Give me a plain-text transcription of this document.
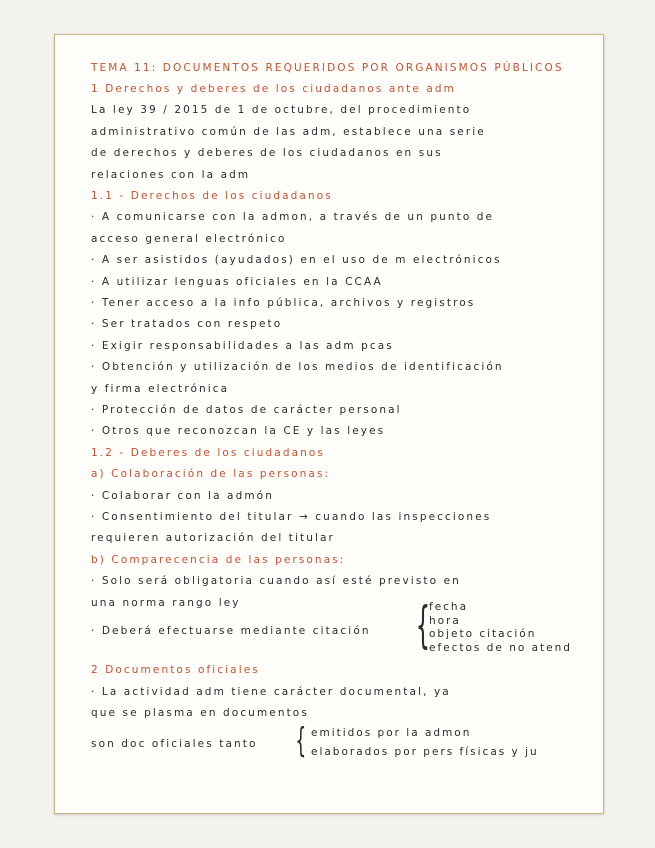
TEMA 11: DOCUMENTOS REQUERIDOS POR ORGANISMOS PÚBLICOS
1 Derechos y deberes de los ciudadanos ante adm
La ley 39 / 2015 de 1 de octubre, del procedimiento
administrativo común de las adm, establece una serie
de derechos y deberes de los ciudadanos en sus
relaciones con la adm
1.1 - Derechos de los ciudadanos
· A comunicarse con la admon, a través de un punto de
acceso general electrónico
· A ser asistidos (ayudados) en el uso de m electrónicos
· A utilizar lenguas oficiales en la CCAA
· Tener acceso a la info pública, archivos y registros
· Ser tratados con respeto
· Exigir responsabilidades a las adm pcas
· Obtención y utilización de los medios de identificación
y firma electrónica
· Protección de datos de carácter personal
· Otros que reconozcan la CE y las leyes
1.2 - Deberes de los ciudadanos
a) Colaboración de las personas:
· Colaborar con la admón
· Consentimiento del titular → cuando las inspecciones
requieren autorización del titular
b) Comparecencia de las personas:
· Solo será obligatoria cuando así esté previsto en
una norma rango ley
· Deberá efectuarse mediante citación {
fecha
hora
objeto citación
efectos de no atend
2 Documentos oficiales
· La actividad adm tiene carácter documental, ya
que se plasma en documentos
son doc oficiales tanto { emitidos por la admon
elaborados por pers físicas y ju
